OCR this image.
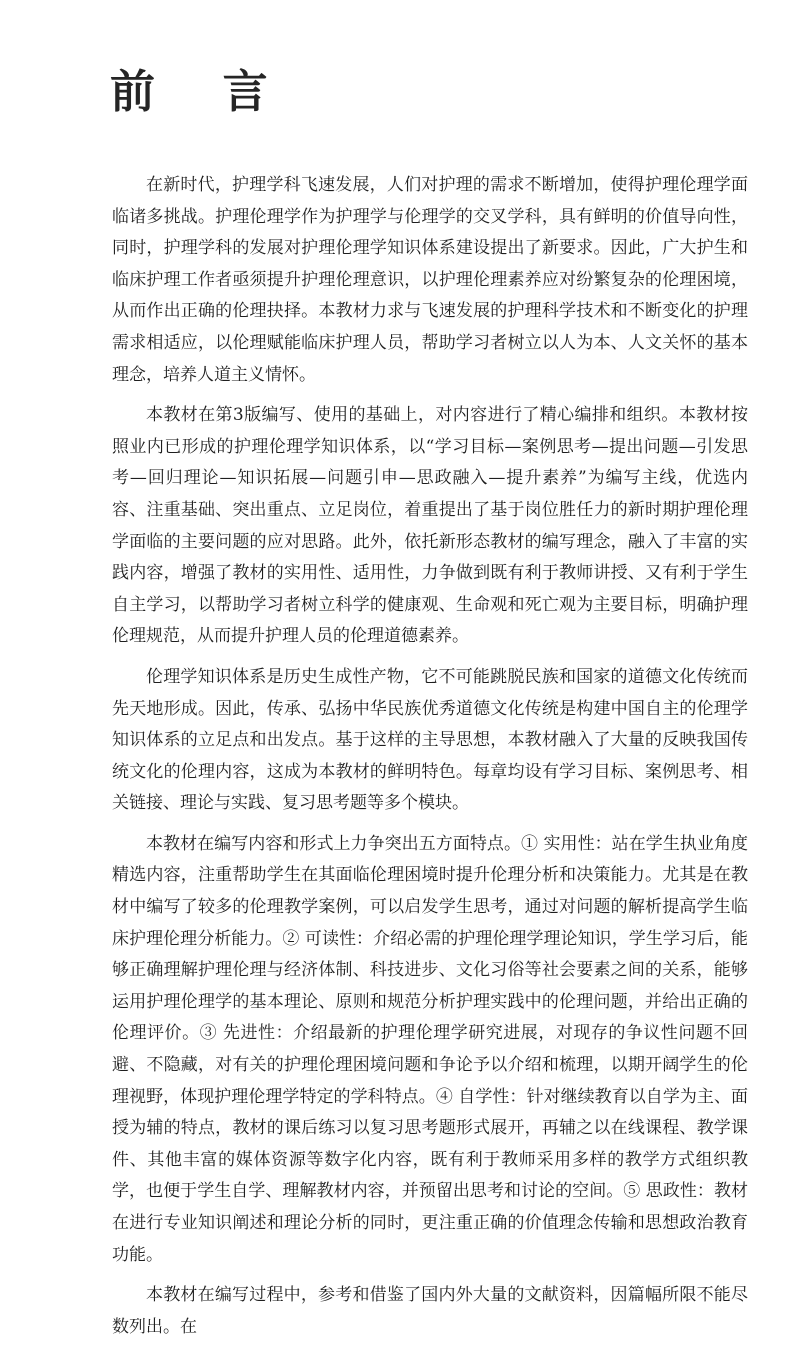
前 言

在新时代，护理学科飞速发展，人们对护理的需求不断增加，使得护理伦理学面临诸多挑战。护理伦理学作为护理学与伦理学的交叉学科，具有鲜明的价值导向性，同时，护理学科的发展对护理伦理学知识体系建设提出了新要求。因此，广大护生和临床护理工作者亟须提升护理伦理意识，以护理伦理素养应对纷繁复杂的伦理困境，从而作出正确的伦理抉择。本教材力求与飞速发展的护理科学技术和不断变化的护理需求相适应，以伦理赋能临床护理人员，帮助学习者树立以人为本、人文关怀的基本理念，培养人道主义情怀。

本教材在第3版编写、使用的基础上，对内容进行了精心编排和组织。本教材按照业内已形成的护理伦理学知识体系，以“学习目标—案例思考—提出问题—引发思考—回归理论—知识拓展—问题引申—思政融入—提升素养”为编写主线，优选内容、注重基础、突出重点、立足岗位，着重提出了基于岗位胜任力的新时期护理伦理学面临的主要问题的应对思路。此外，依托新形态教材的编写理念，融入了丰富的实践内容，增强了教材的实用性、适用性，力争做到既有利于教师讲授、又有利于学生自主学习，以帮助学习者树立科学的健康观、生命观和死亡观为主要目标，明确护理伦理规范，从而提升护理人员的伦理道德素养。

伦理学知识体系是历史生成性产物，它不可能跳脱民族和国家的道德文化传统而先天地形成。因此，传承、弘扬中华民族优秀道德文化传统是构建中国自主的伦理学知识体系的立足点和出发点。基于这样的主导思想，本教材融入了大量的反映我国传统文化的伦理内容，这成为本教材的鲜明特色。每章均设有学习目标、案例思考、相关链接、理论与实践、复习思考题等多个模块。

本教材在编写内容和形式上力争突出五方面特点。① 实用性：站在学生执业角度精选内容，注重帮助学生在其面临伦理困境时提升伦理分析和决策能力。尤其是在教材中编写了较多的伦理教学案例，可以启发学生思考，通过对问题的解析提高学生临床护理伦理分析能力。② 可读性：介绍必需的护理伦理学理论知识，学生学习后，能够正确理解护理伦理与经济体制、科技进步、文化习俗等社会要素之间的关系，能够运用护理伦理学的基本理论、原则和规范分析护理实践中的伦理问题，并给出正确的伦理评价。③ 先进性：介绍最新的护理伦理学研究进展，对现存的争议性问题不回避、不隐藏，对有关的护理伦理困境问题和争论予以介绍和梳理，以期开阔学生的伦理视野，体现护理伦理学特定的学科特点。④ 自学性：针对继续教育以自学为主、面授为辅的特点，教材的课后练习以复习思考题形式展开，再辅之以在线课程、教学课件、其他丰富的媒体资源等数字化内容，既有利于教师采用多样的教学方式组织教学，也便于学生自学、理解教材内容，并预留出思考和讨论的空间。⑤ 思政性：教材在进行专业知识阐述和理论分析的同时，更注重正确的价值理念传输和思想政治教育功能。

本教材在编写过程中，参考和借鉴了国内外大量的文献资料，因篇幅所限不能尽数列出。在
